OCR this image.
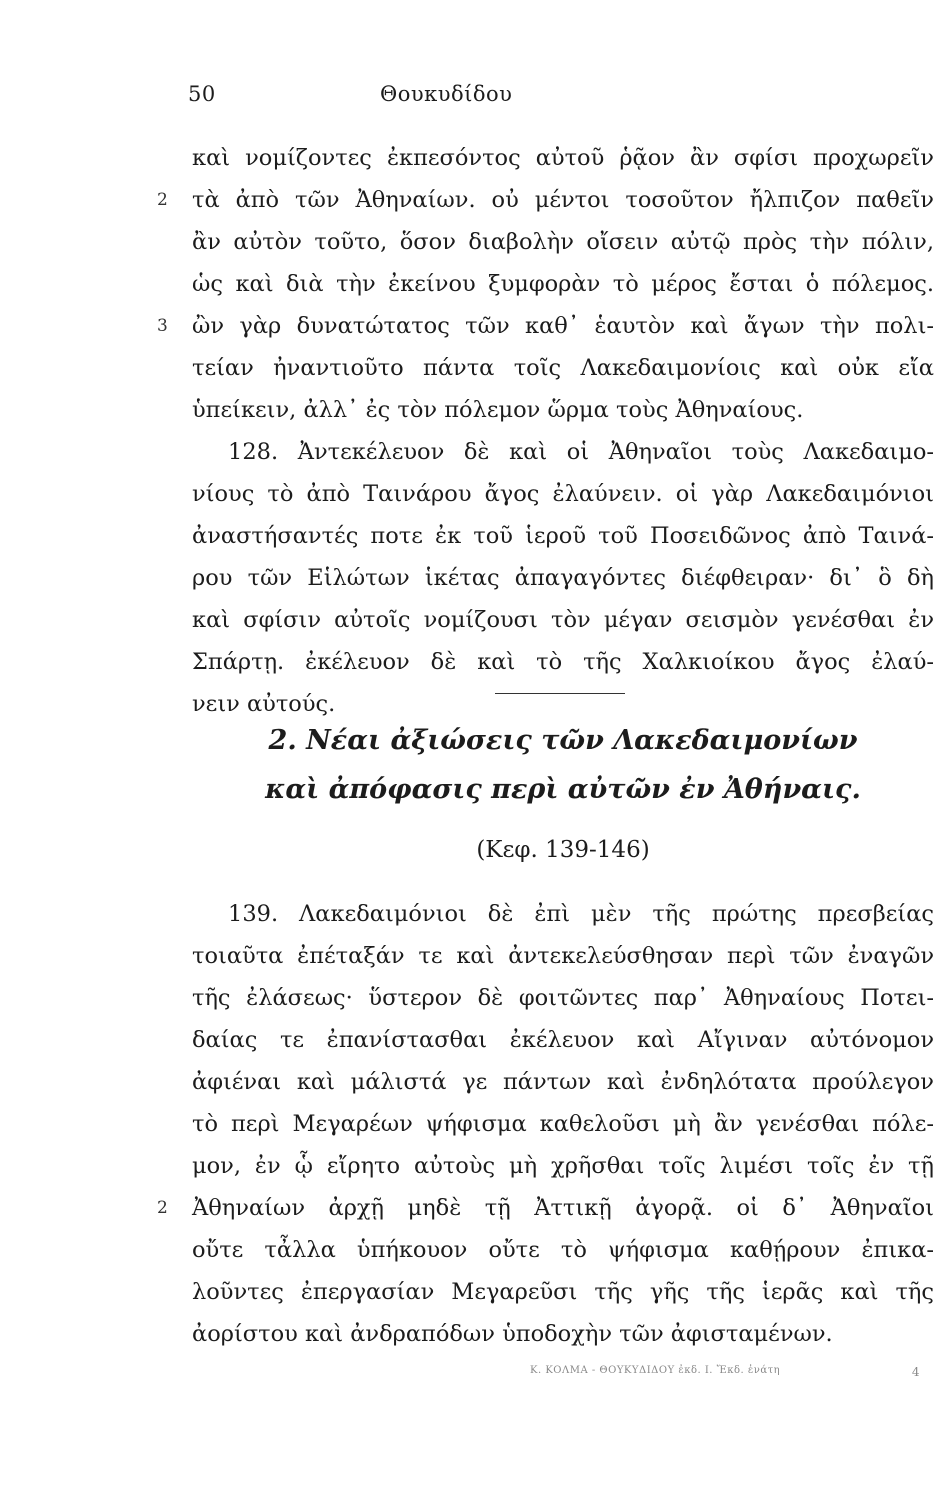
50	Θουκυδίδου
καὶ νομίζοντες ἐκπεσόντος αὐτοῦ ῥᾷον ἂν σφίσι προχωρεῖν
2 τὰ ἀπὸ τῶν Ἀθηναίων. οὐ μέντοι τοσοῦτον ἤλπιζον παθεῖν
ἂν αὐτὸν τοῦτο, ὅσον διαβολὴν οἴσειν αὐτῷ πρὸς τὴν πόλιν,
ὡς καὶ διὰ τὴν ἐκείνου ξυμφορὰν τὸ μέρος ἔσται ὁ πόλεμος.
3 ὢν γὰρ δυνατώτατος τῶν καθ᾽ ἑαυτὸν καὶ ἄγων τὴν πολι-
τείαν ἠναντιοῦτο πάντα τοῖς Λακεδαιμονίοις καὶ οὐκ εἴα
ὑπείκειν, ἀλλ᾽ ἐς τὸν πόλεμον ὥρμα τοὺς Ἀθηναίους.
128. Ἀντεκέλευον δὲ καὶ οἱ Ἀθηναῖοι τοὺς Λακεδαιμο-
νίους τὸ ἀπὸ Ταινάρου ἄγος ἐλαύνειν. οἱ γὰρ Λακεδαιμόνιοι
ἀναστήσαντές ποτε ἐκ τοῦ ἱεροῦ τοῦ Ποσειδῶνος ἀπὸ Ταινά-
ρου τῶν Εἱλώτων ἱκέτας ἀπαγαγόντες διέφθειραν· δι᾽ ὃ δὴ
καὶ σφίσιν αὐτοῖς νομίζουσι τὸν μέγαν σεισμὸν γενέσθαι ἐν
Σπάρτῃ. ἐκέλευον δὲ καὶ τὸ τῆς Χαλκιοίκου ἄγος ἐλαύ-
νειν αὐτούς.
2. Νέαι ἀξιώσεις τῶν Λακεδαιμονίων
καὶ ἀπόφασις περὶ αὐτῶν ἐν Ἀθήναις.
(Κεφ. 139-146)
139. Λακεδαιμόνιοι δὲ ἐπὶ μὲν τῆς πρώτης πρεσβείας
τοιαῦτα ἐπέταξάν τε καὶ ἀντεκελεύσθησαν περὶ τῶν ἐναγῶν
τῆς ἐλάσεως· ὕστερον δὲ φοιτῶντες παρ᾽ Ἀθηναίους Ποτει-
δαίας τε ἐπανίστασθαι ἐκέλευον καὶ Αἴγιναν αὐτόνομον
ἀφιέναι καὶ μάλιστά γε πάντων καὶ ἐνδηλότατα προύλεγον
τὸ περὶ Μεγαρέων ψήφισμα καθελοῦσι μὴ ἂν γενέσθαι πόλε-
μον, ἐν ᾧ εἴρητο αὐτοὺς μὴ χρῆσθαι τοῖς λιμέσι τοῖς ἐν τῇ
2 Ἀθηναίων ἀρχῇ μηδὲ τῇ Ἀττικῇ ἀγορᾷ. οἱ δ᾽ Ἀθηναῖοι
οὔτε τἆλλα ὑπήκουον οὔτε τὸ ψήφισμα καθῄρουν ἐπικα-
λοῦντες ἐπεργασίαν Μεγαρεῦσι τῆς γῆς τῆς ἱερᾶς καὶ τῆς
ἀορίστου καὶ ἀνδραπόδων ὑποδοχὴν τῶν ἀφισταμένων.
Κ. ΚΟΛΜΑ - ΘΟΥΚΥΔΙΔΟΥ ἐκδ. Ι. Ἔκδ. ἐνάτη	4
